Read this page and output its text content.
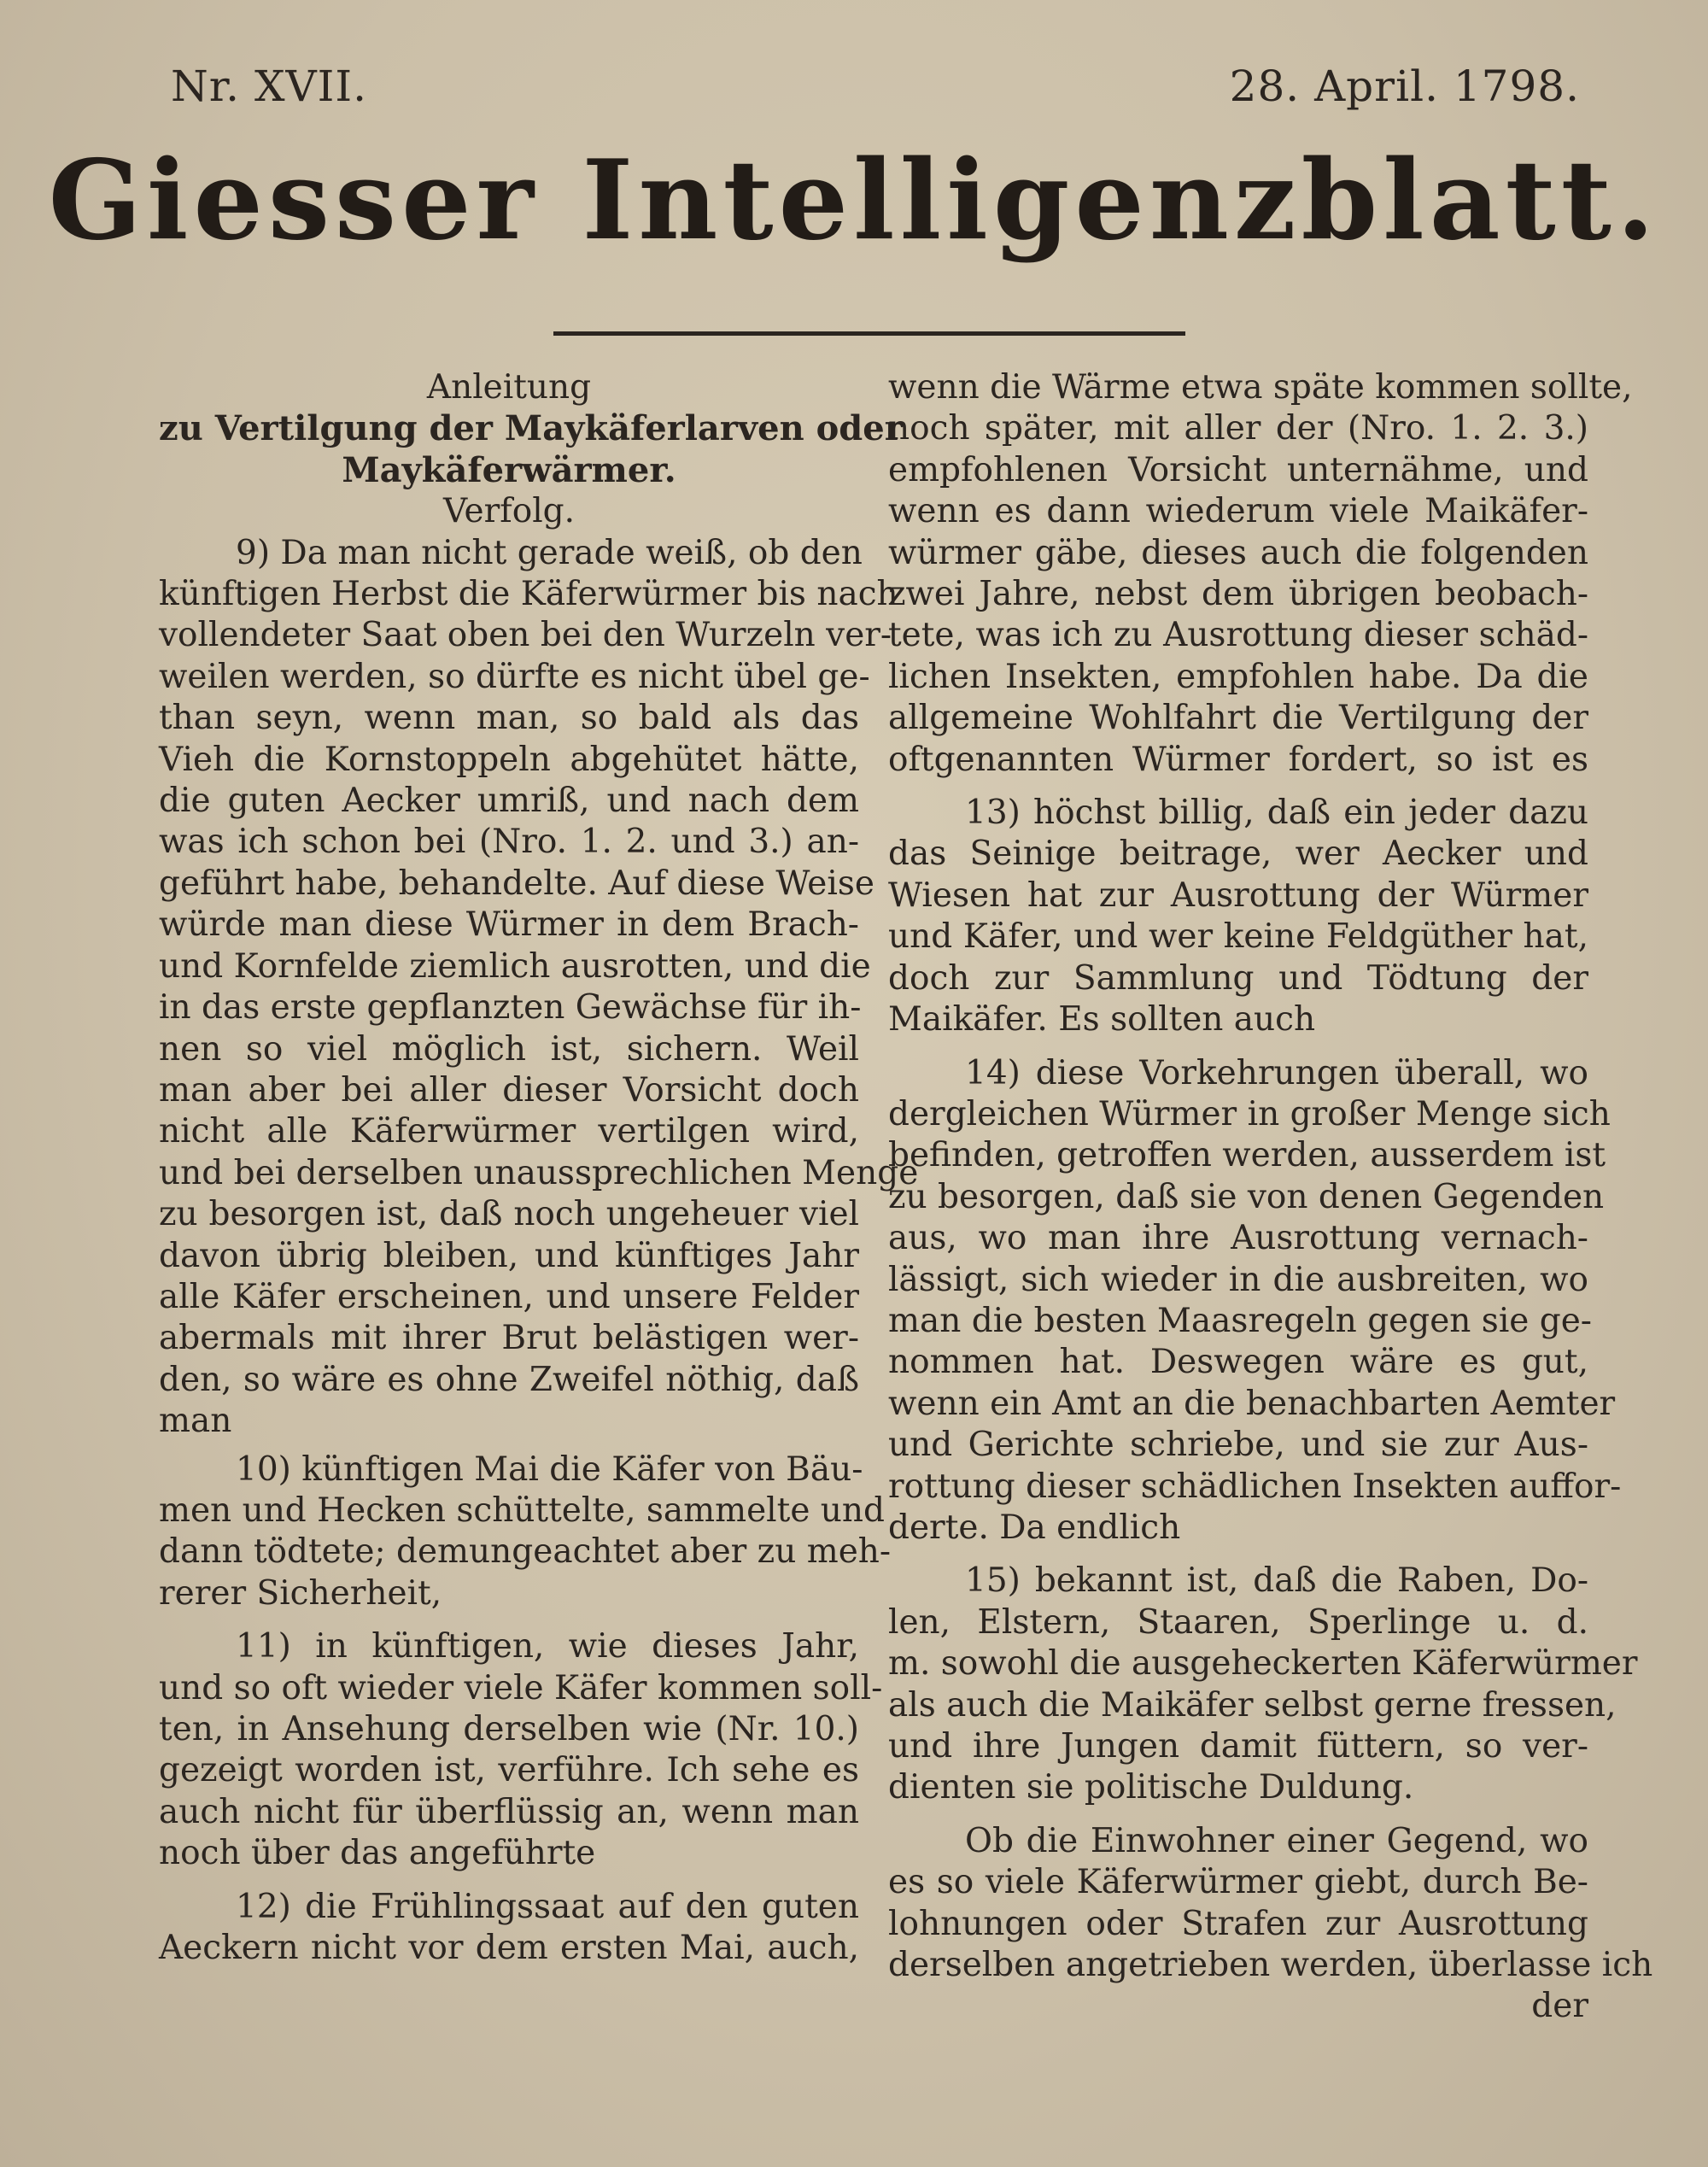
Nr. XVII.	28. April. 1798.
Giesser Intelligenzblatt.
Anleitung
zu Vertilgung der Maykäferlarven oder
Maykäferwärmer.
Verfolg.
9) Da man nicht gerade weiß, ob den
künftigen Herbst die Käferwürmer bis nach
vollendeter Saat oben bei den Wurzeln ver-
weilen werden, so dürfte es nicht übel ge-
than seyn, wenn man, so bald als das
Vieh die Kornstoppeln abgehütet hätte,
die guten Aecker umriß, und nach dem
was ich schon bei (Nro. 1. 2. und 3.) an-
geführt habe, behandelte. Auf diese Weise
würde man diese Würmer in dem Brach-
und Kornfelde ziemlich ausrotten, und die
in das erste gepflanzten Gewächse für ih-
nen so viel möglich ist, sichern. Weil
man aber bei aller dieser Vorsicht doch
nicht alle Käferwürmer vertilgen wird,
und bei derselben unaussprechlichen Menge
zu besorgen ist, daß noch ungeheuer viel
davon übrig bleiben, und künftiges Jahr
alle Käfer erscheinen, und unsere Felder
abermals mit ihrer Brut belästigen wer-
den, so wäre es ohne Zweifel nöthig, daß
man
10) künftigen Mai die Käfer von Bäu-
men und Hecken schüttelte, sammelte und
dann tödtete; demungeachtet aber zu meh-
rerer Sicherheit,
11) in künftigen, wie dieses Jahr,
und so oft wieder viele Käfer kommen soll-
ten, in Ansehung derselben wie (Nr. 10.)
gezeigt worden ist, verführe. Ich sehe es
auch nicht für überflüssig an, wenn man
noch über das angeführte
12) die Frühlingssaat auf den guten
Aeckern nicht vor dem ersten Mai, auch,
wenn die Wärme etwa späte kommen sollte,
noch später, mit aller der (Nro. 1. 2. 3.)
empfohlenen Vorsicht unternähme, und
wenn es dann wiederum viele Maikäfer-
würmer gäbe, dieses auch die folgenden
zwei Jahre, nebst dem übrigen beobach-
tete, was ich zu Ausrottung dieser schäd-
lichen Insekten, empfohlen habe. Da die
allgemeine Wohlfahrt die Vertilgung der
oftgenannten Würmer fordert, so ist es
13) höchst billig, daß ein jeder dazu
das Seinige beitrage, wer Aecker und
Wiesen hat zur Ausrottung der Würmer
und Käfer, und wer keine Feldgüther hat,
doch zur Sammlung und Tödtung der
Maikäfer. Es sollten auch
14) diese Vorkehrungen überall, wo
dergleichen Würmer in großer Menge sich
befinden, getroffen werden, ausserdem ist
zu besorgen, daß sie von denen Gegenden
aus, wo man ihre Ausrottung vernach-
lässigt, sich wieder in die ausbreiten, wo
man die besten Maasregeln gegen sie ge-
nommen hat. Deswegen wäre es gut,
wenn ein Amt an die benachbarten Aemter
und Gerichte schriebe, und sie zur Aus-
rottung dieser schädlichen Insekten auffor-
derte. Da endlich
15) bekannt ist, daß die Raben, Do-
len, Elstern, Staaren, Sperlinge u. d.
m. sowohl die ausgeheckerten Käferwürmer
als auch die Maikäfer selbst gerne fressen,
und ihre Jungen damit füttern, so ver-
dienten sie politische Duldung.
Ob die Einwohner einer Gegend, wo
es so viele Käferwürmer giebt, durch Be-
lohnungen oder Strafen zur Ausrottung
derselben angetrieben werden, überlasse ich
der
